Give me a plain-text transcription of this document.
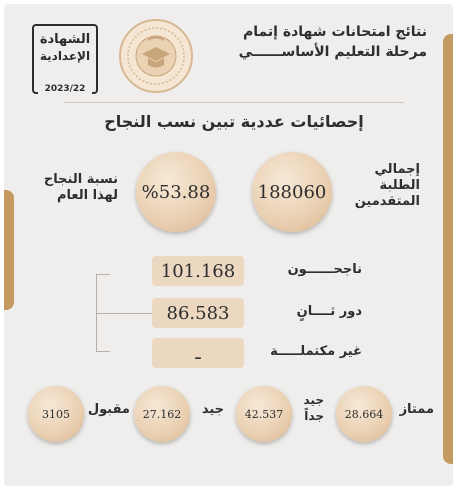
نتائج امتحانات شهادة إتمام
مرحلة التعليم الأساســــــي
الشهادة
الإعدادية
2023/22
إحصائيات عددية تبين نسب النجاح
إجمالي
الطلبة
المتقدمين
188060
%53.88
نسبة النجاح
لهذا العام
101.168	ناجحــــــون
86.583	دور ثــــانٍ
ـ	غير مكتملـــــة
ممتاز
28.664
جيد جداً
42.537
جيد
27.162
مقبول
3105
